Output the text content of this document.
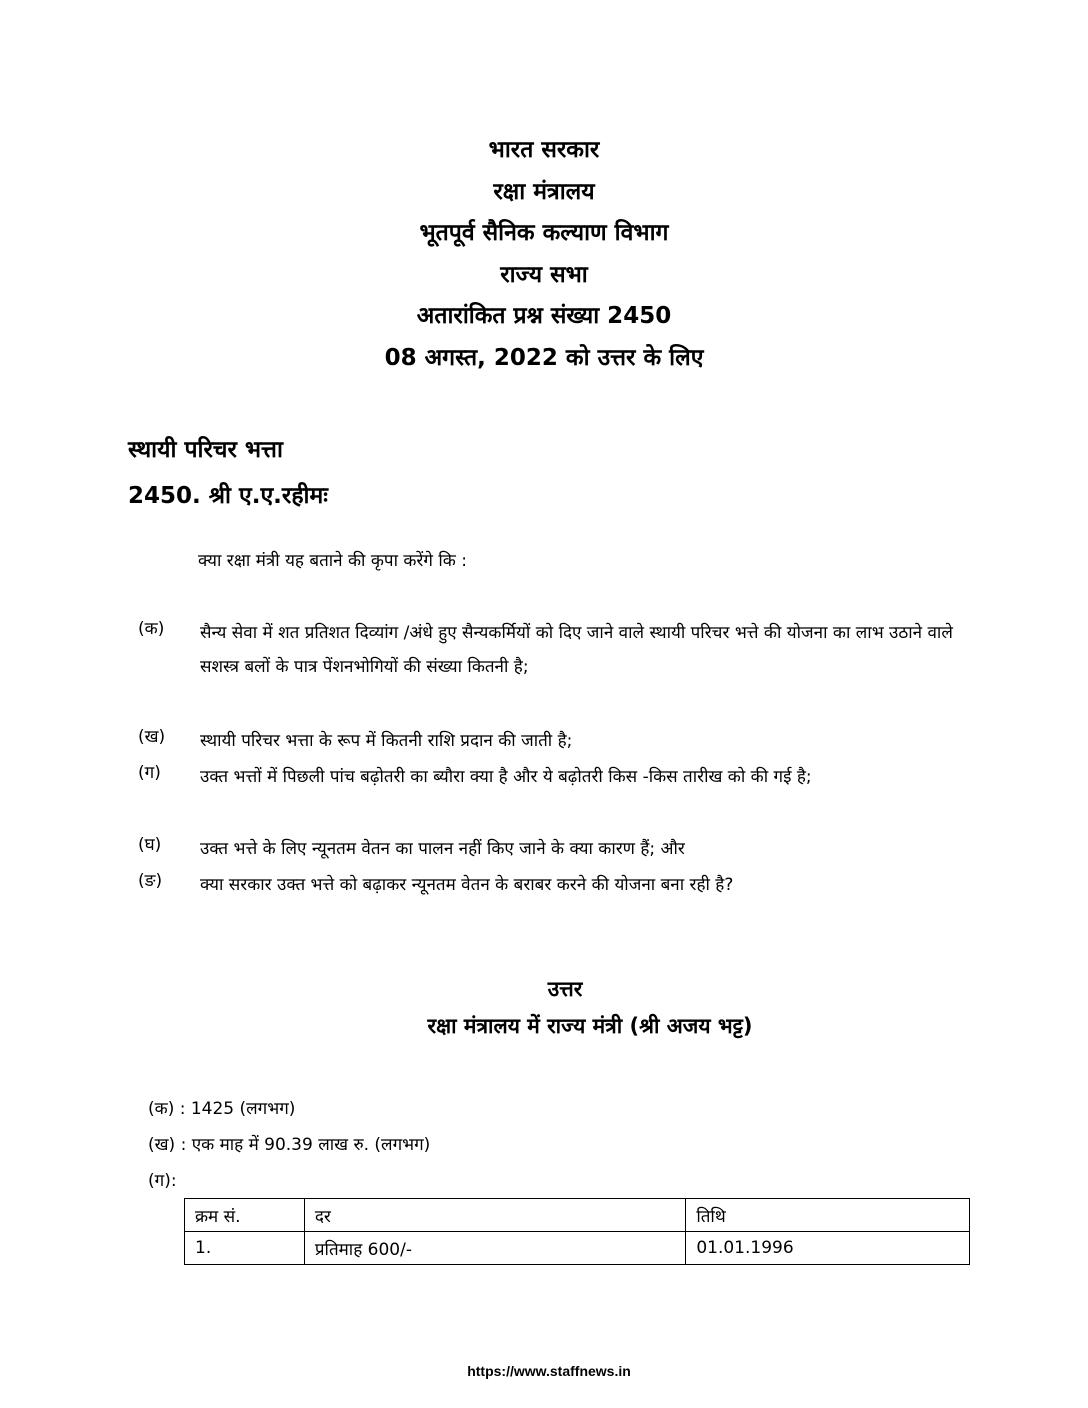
भारत सरकार
रक्षा मंत्रालय
भूतपूर्व सैनिक कल्याण विभाग
राज्य सभा
अतारांकित प्रश्न संख्या 2450
08 अगस्त, 2022 को उत्तर के लिए
स्थायी परिचर भत्ता
2450. श्री ए.ए.रहीमः
क्या रक्षा मंत्री यह बताने की कृपा करेंगे कि :
(क) सैन्य सेवा में शत प्रतिशत दिव्यांग /अंधे हुए सैन्यकर्मियों को दिए जाने वाले स्थायी परिचर भत्ते की योजना का लाभ उठाने वाले सशस्त्र बलों के पात्र पेंशनभोगियों की संख्या कितनी है;
(ख) स्थायी परिचर भत्ता के रूप में कितनी राशि प्रदान की जाती है;
(ग) उक्त भत्तों में पिछली पांच बढ़ोतरी का ब्यौरा क्या है और ये बढ़ोतरी किस -किस तारीख को की गई है;
(घ) उक्त भत्ते के लिए न्यूनतम वेतन का पालन नहीं किए जाने के क्या कारण हैं; और
(ङ) क्या सरकार उक्त भत्ते को बढ़ाकर न्यूनतम वेतन के बराबर करने की योजना बना रही है?
उत्तर
रक्षा मंत्रालय में राज्य मंत्री (श्री अजय भट्ट)
(क) : 1425 (लगभग)
(ख) : एक माह में 90.39 लाख रु. (लगभग)
(ग):
क्रम सं.	दर	तिथि
1.	प्रतिमाह 600/-	01.01.1996
https://www.staffnews.in
